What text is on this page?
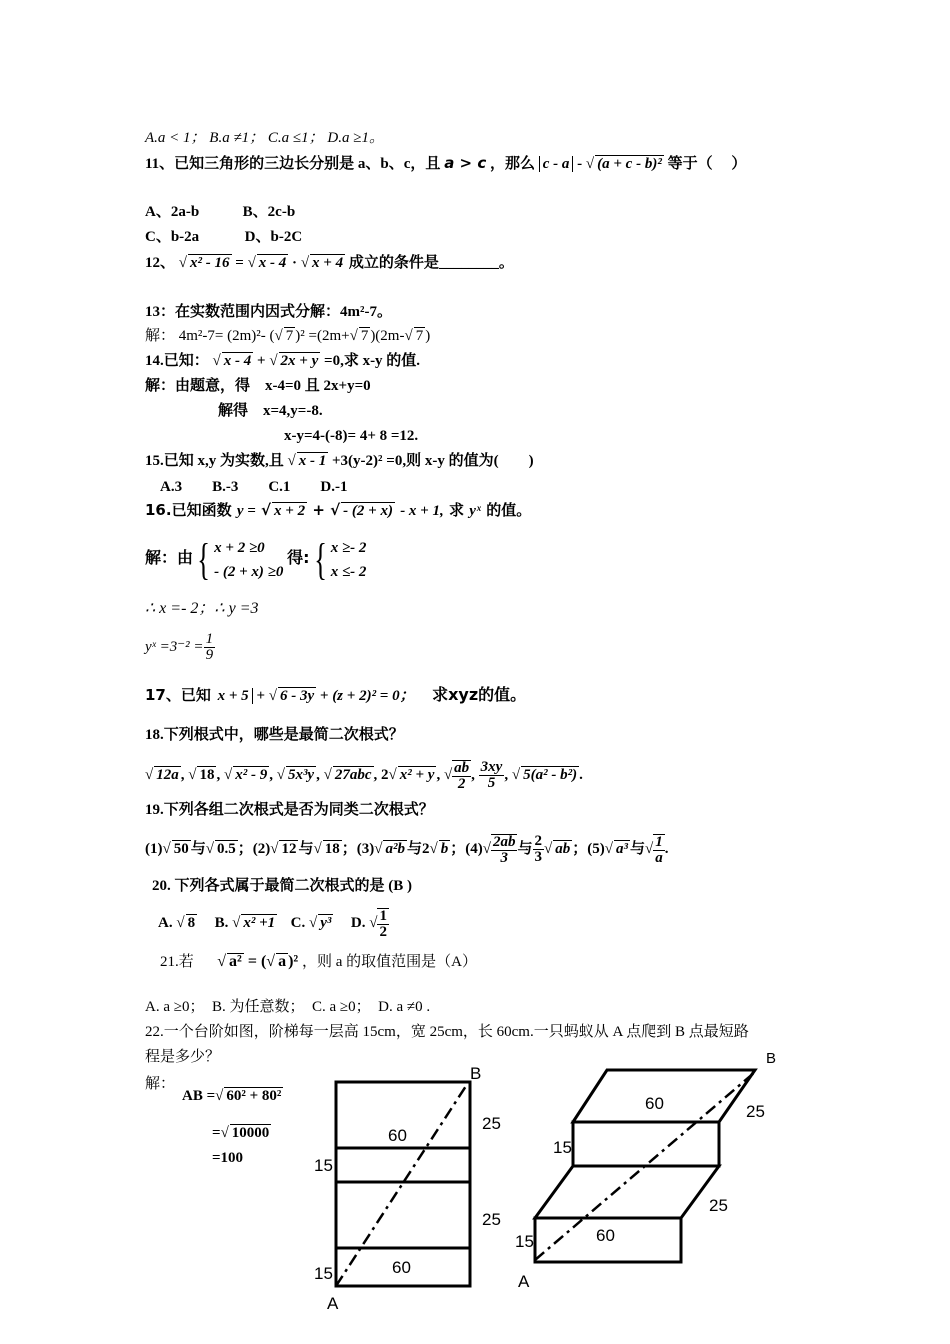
A.a < 1； B.a ≠1； C.a ≤1； D.a ≥1。
11、已知三角形的三边长分别是 a、b、c，且 a > c ，那么 c - a - √ (a + c - b)² 等于（　 ）
A、2a-b	B、2c-b
C、b-2a	D、b-2C
12、 √ x² - 16 = √ x - 4 · √ x + 4 成立的条件是________。
13：在实数范围内因式分解：4m²-7。
解： 4m²-7= (2m)²- (√ 7 )² =(2m+√ 7 )(2m-√ 7 )
14.已知： √ x - 4 + √ 2x + y =0,求 x-y 的值.
解：由题意，得　x-4=0 且 2x+y=0
解得　x=4,y=-8.
x-y=4-(-8)= 4+ 8 =12.
15.已知 x,y 为实数,且 √ x - 1 +3(y-2)² =0,则 x-y 的值为(　　)
A.3　　B.-3　　C.1　　D.-1
16.已知函数 y = √ x + 2 + √ - (2 + x) - x + 1, 求 yˣ 的值。
解：由{ x + 2 ≥0
- (2 + x) ≥0
得:{ x ≥- 2
x ≤- 2
∴ x =- 2；∴ y =3
yˣ $=3^{-2} = \frac{1}{9}$
17、已知 x + 5 + √ 6 - 3y + (z + 2)² = 0； 求xyz的值。
18.下列根式中，哪些是最简二次根式？
√ 12a , √ 18 , √ x² - 9 , √ 5x³y , √ 27abc , 2√ x² + y , √ $\frac{ab}{2}$ , $\frac{3xy}{5}$ , √ 5(a² - b²) .
19.下列各组二次根式是否为同类二次根式？
(1)√ 50 与√ 0.5 ；(2)√ 12 与√ 18 ；(3)√ a²b 与2√ b ；$(4)√ \frac{2ab}{3}$ 与 $\frac{2}{3}$
√ ab ；(5)√ a³ 与√ $\frac{1}{a}$ .
20. 下列各式属于最简二次根式的是 (B )
A. √ 8 B. √ x² +1 C. √ y³ D. √ $\frac{1}{2}$
21.若  √ a² = (√ a )² ，则 a 的取值范围是（A）
A. a ≥0；　B. 为任意数；　C. a ≥0；　D. a ≠0 .
22.一个台阶如图，阶梯每一层高 15cm，宽 25cm，长 60cm.一只蚂蚁从 A 点爬到 B 点最短路
程是多少？
解：
AB =√ 60² + 80²
=√ 10000
=100
B
25
60
15
25
60
15
A
B
60	25
15
25
60
15
A
